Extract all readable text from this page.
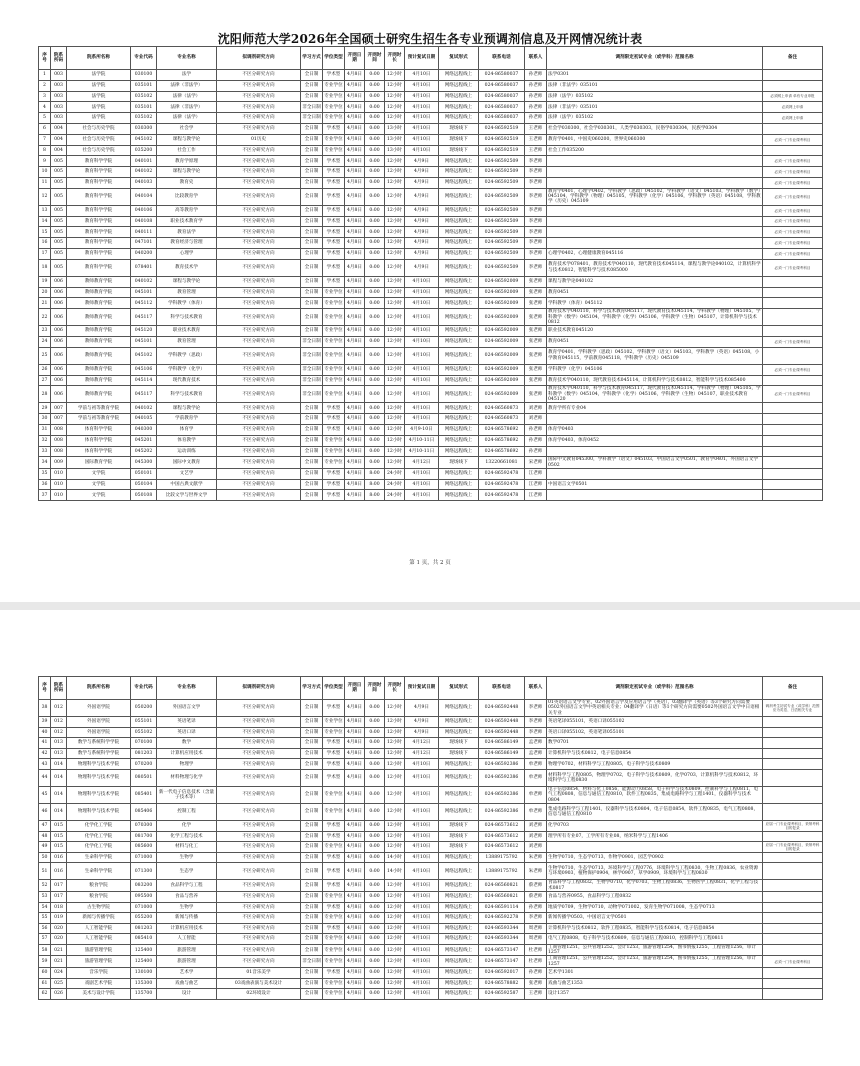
沈阳师范大学2026年全国硕士研究生招生各专业预调剂信息及开网情况统计表
序号	院系所码	院系所名称	专业代码	专业名称	拟调剂研究方向	学习方式	学位类型	开网日期	开网时间	开网时长	预计复试日期	复试形式	联系电话	联系人	调剂限定初试专业（或学科）范围名称	备注
1	003	法学院	030100	法学	不区分研究方向	全日制	学术型	4月8日	0:00	12小时	4月10日	网络远程线上	024-86580037	孙老师	法学0301	
2	003	法学院	035101	法律（非法学）	不区分研究方向	全日制	专业学位	4月8日	0:00	12小时	4月10日	网络远程线上	024-86580037	孙老师	法律（非法学）035101	
3	003	法学院	035102	法律（法学）	不区分研究方向	全日制	专业学位	4月8日	0:00	12小时	4月10日	网络远程线上	024-86580037	孙老师	法律（法学）035102	必须网上申请 单有专业申报
4	003	法学院	035101	法律（非法学）	不区分研究方向	非全日制	专业学位	4月8日	0:00	12小时	4月10日	网络远程线上	024-86580037	孙老师	法律（非法学）035101	必须网上申请
5	003	法学院	035102	法律（法学）	不区分研究方向	非全日制	专业学位	4月8日	0:00	12小时	4月10日	网络远程线上	024-86580037	孙老师	法律（法学）035102	必须网上申请
6	004	社会与历史学院	030300	社会学	不区分研究方向	全日制	学术型	4月8日	0:00	13小时	4月10日	现场线下	024-86592519	王老师	社会学030300，社会学030301，人类学030303，民俗学030304，民族学0304	
7	004	社会与历史学院	045102	课程与教学论	01历史	全日制	专业学位	4月8日	0:00	13小时	4月10日	现场线下	024-86592519	王老师	教育学0401，中国史060200，世界史060300	必须一门专业课考科目
8	004	社会与历史学院	035200	社会工作	不区分研究方向	全日制	专业学位	4月8日	0:00	13小时	4月10日	现场线下	024-86592519	王老师	社会工作035200	
9	005	教育科学学院	040101	教育学原理	不区分研究方向	全日制	学术型	4月8日	0:00	12小时	4月9日	网络远程线上	024-86592509	李老师		必须一门专业课考科目
10	005	教育科学学院	040102	课程与教学论	不区分研究方向	全日制	学术型	4月8日	0:00	12小时	4月9日	网络远程线上	024-86592509	李老师		必须一门专业课考科目
11	005	教育科学学院	040103	教育史	不区分研究方向	全日制	学术型	4月8日	0:00	12小时	4月9日	网络远程线上	024-86592509	李老师		必须一门专业课考科目
12	005	教育科学学院	040104	比较教育学	不区分研究方向	全日制	学术型	4月8日	0:00	12小时	4月9日	网络远程线上	024-86592509	李老师	教育学0401，心理学0402，学科教学（思政）045102，学科教学（语文）045103，学科教学（数学）045104，学科教学（物理）045105，学科教学（化学）045106，学科教学（英语）045108，学科教学（历史）045109	必须一门专业课考科目
13	005	教育科学学院	040106	高等教育学	不区分研究方向	全日制	学术型	4月8日	0:00	12小时	4月9日	网络远程线上	024-86592509	李老师		必须一门专业课考科目
14	005	教育科学学院	040108	职业技术教育学	不区分研究方向	全日制	学术型	4月8日	0:00	12小时	4月9日	网络远程线上	024-86592509	李老师		必须一门专业课考科目
15	005	教育科学学院	040111	教育法学	不区分研究方向	全日制	学术型	4月8日	0:00	12小时	4月9日	网络远程线上	024-86592509	李老师		必须一门专业课考科目
16	005	教育科学学院	047101	教育经济与管理	不区分研究方向	全日制	学术型	4月8日	0:00	12小时	4月9日	网络远程线上	024-86592509	李老师		必须一门专业课考科目
17	005	教育科学学院	040200	心理学	不区分研究方向	全日制	学术型	4月8日	0:00	12小时	4月9日	网络远程线上	024-86592509	李老师	心理学0402，心理健康教育045116	必须一门专业课考科目
18	005	教育科学学院	078401	教育技术学	不区分研究方向	全日制	学术型	4月8日	0:00	12小时	4月9日	网络远程线上	024-86592509	李老师	教育技术学078401，教育技术学040110，现代教育技术045114，课程与教学论040102，计算机科学与技术0812，智能科学与技术085000	必须一门专业课考科目
19	006	教师教育学院	040102	课程与教学论	不区分研究方向	全日制	学术型	4月8日	0:00	12小时	4月10日	网络远程线上	024-86592009	张老师	课程与教学论040102	
20	006	教师教育学院	045101	教育管理	不区分研究方向	全日制	专业学位	4月8日	0:00	12小时	4月10日	网络远程线上	024-86592009	张老师	教育0451	
21	006	教师教育学院	045112	学科教学（体育）	不区分研究方向	全日制	专业学位	4月8日	0:00	12小时	4月10日	网络远程线上	024-86592009	张老师	学科教学（体育）045112	
22	006	教师教育学院	045117	科学与技术教育	不区分研究方向	全日制	专业学位	4月8日	0:00	12小时	4月10日	网络远程线上	024-86592009	张老师	教育技术学040110，科学与技术教育045117，现代教育技术045114，学科教学（物理）045105，学科教学（数学）045104，学科教学（化学）045106，学科教学（生物）045107，计算机科学与技术0812	
23	006	教师教育学院	045120	职业技术教育	不区分研究方向	全日制	专业学位	4月8日	0:00	12小时	4月10日	网络远程线上	024-86592009	张老师	职业技术教育045120	
24	006	教师教育学院	045101	教育管理	不区分研究方向	非全日制	专业学位	4月8日	0:00	12小时	4月10日	网络远程线上	024-86592009	张老师	教育0451	必须一门专业课考科目
25	006	教师教育学院	045102	学科教学（思政）	不区分研究方向	非全日制	专业学位	4月8日	0:00	12小时	4月10日	网络远程线上	024-86592009	张老师	教育学0401，学科教学（思政）045102，学科教学（语文）045103，学科教学（英语）045108，小学教育045115，学前教育045118，学科教学（历史）045109	
26	006	教师教育学院	045106	学科教学（化学）	不区分研究方向	非全日制	专业学位	4月8日	0:00	12小时	4月10日	网络远程线上	024-86592009	张老师	学科教学（化学）045106	必须一门专业课考科目
27	006	教师教育学院	045114	现代教育技术	不区分研究方向	非全日制	专业学位	4月8日	0:00	12小时	4月10日	网络远程线上	024-86592009	张老师	教育技术学040110，现代教育技术045114，计算机科学与技术0812，智能科学与技术085400	
28	006	教师教育学院	045117	科学与技术教育	不区分研究方向	非全日制	专业学位	4月8日	0:00	12小时	4月10日	网络远程线上	024-86592009	张老师	教育技术学040110，科学与技术教育045117，现代教育技术045114，学科教学（物理）045105，学科教学（数学）045104，学科教学（化学）045106，学科教学（生物）045107，职业技术教育045120	必须一门专业课考科目
29	007	学前与初等教育学院	040102	课程与教学论	不区分研究方向	全日制	学术型	4月8日	0:00	12小时	4月10日	网络远程线上	024-86560873	刘老师	教育学所有专业04	
30	007	学前与初等教育学院	040105	学前教育学	不区分研究方向	全日制	学术型	4月8日	0:00	12小时	4月10日	网络远程线上	024-86560873	刘老师		
31	008	体育科学学院	040300	体育学	不区分研究方向	全日制	学术型	4月8日	0:00	12小时	4月9-10日	网络远程线上	024-86578692	孙老师	体育学0403	
32	008	体育科学学院	045201	体育教学	不区分研究方向	全日制	专业学位	4月8日	0:00	12小时	4月10-11日	网络远程线上	024-86578692	孙老师	体育学0403，体育0452	
33	008	体育科学学院	045202	运动训练	不区分研究方向	全日制	专业学位	4月8日	0:00	12小时	4月10-11日	网络远程线上	024-86578692	孙老师		
34	009	国际教育学院	045300	国际中文教育	不区分研究方向	全日制	专业学位	4月8日	0:00	12小时	4月12日	现场线下	13220661081	宋老师	国际中文教育045300，学科教学（语文）045103，中国语言文学0501，教育学0401，外国语言文学0502	
35	010	文学院	050101	文艺学	不区分研究方向	全日制	学术型	4月8日	8:00	24小时	4月10日	网络远程线上	024-86592478	江老师		
36	010	文学院	050104	中国古典文献学	不区分研究方向	全日制	学术型	4月8日	8:00	24小时	4月10日	网络远程线上	024-86592478	江老师	中国语言文学0501	
37	010	文学院	050108	比较文学与世界文学	不区分研究方向	全日制	学术型	4月8日	8:00	24小时	4月10日	网络远程线上	024-86592478	江老师		
第 1 页，共 2 页
序号	院系所码	院系所名称	专业代码	专业名称	拟调剂研究方向	学习方式	学位类型	开网日期	开网时间	开网时长	预计复试日期	复试形式	联系电话	联系人	调剂限定初试专业（或学科）范围名称	备注
38	012	外国语学院	050200	外国语言文学	不区分研究方向	全日制	学术型	4月8日	0:00	12小时	4月9日	网络远程线上	024-86592448	李老师	01英语语言文学专业，02外国语言学及应用语言学（英语），03翻译学（英语）等3个研究方向需要0502外国语言文学中英语相关专业；04翻译学（日语）等1个研究方向需要0502外国语言文学中日语相关专业	调剂考生初试专业（或学科）范围应为英语、日语相关专业
39	012	外国语学院	055101	英语笔译	不区分研究方向	全日制	专业学位	4月8日	0:00	12小时	4月9日	网络远程线上	024-86592448	李老师	英语笔译055101，英语口译055102	
40	012	外国语学院	055102	英语口译	不区分研究方向	全日制	专业学位	4月8日	0:00	12小时	4月9日	网络远程线上	024-86592448	李老师	英语口译055102，英语笔译055101	
41	013	数学与系统科学学院	070100	数学	不区分研究方向	全日制	学术型	4月8日	0:00	12小时	4月12日	现场线下	024-86586149	孟老师	数学0701	
42	013	数学与系统科学学院	081203	计算机应用技术	不区分研究方向	全日制	学术型	4月8日	0:00	12小时	4月12日	现场线下	024-86586149	孟老师	计算机科学与技术0812，电子信息0854	
43	014	物理科学与技术学院	070200	物理学	不区分研究方向	全日制	学术型	4月8日	0:00	12小时	4月10日	网络远程线上	024-86592386	单老师	物理学0702，材料科学与工程0805，电子科学与技术0809	
44	014	物理科学与技术学院	080501	材料物理与化学	不区分研究方向	全日制	学术型	4月8日	0:00	12小时	4月10日	网络远程线上	024-86592386	单老师	材料科学与工程0805，物理学0702，电子科学与技术0809，化学0703，计算机科学与技术0812，环境科学与工程0830	
45	014	物理科学与技术学院	085401	新一代电子信息技术（含量子技术等）	不区分研究方向	全日制	专业学位	4月8日	0:00	12小时	4月10日	网络远程线上	024-86592386	单老师	电子信息0854，材料与化工0856，能源动力0858，电子科学与技术0809，控制科学与工程0811，电气工程0808，信息与通信工程0810，软件工程0835，集成电路科学与工程1401，仪器科学与技术0804	
46	014	物理科学与技术学院	085406	控制工程	不区分研究方向	全日制	专业学位	4月8日	0:00	12小时	4月10日	网络远程线上	024-86592386	单老师	集成电路科学与工程1401，仪器科学与技术0804，电子信息0854，软件工程0835，电气工程0808，信息与通信工程0810	
47	015	化学化工学院	070300	化学	不区分研究方向	全日制	学术型	4月8日	0:00	12小时	4月10日	现场线下	024-86573612	刘老师	化学0703	应届一门专业课考科目，采纳考科目的复录
48	015	化学化工学院	081700	化学工程与技术	不区分研究方向	全日制	学术型	4月8日	0:00	12小时	4月10日	现场线下	024-86573612	刘老师	理学所有专业07，工学所有专业08，纳米科学与工程1406	
49	015	化学化工学院	085600	材料与化工	不区分研究方向	全日制	专业学位	4月8日	0:00	12小时	4月10日	现场线下	024-86573612	刘老师		应届一门专业课考科目，采纳考科目的复录
50	016	生命科学学院	071000	生物学	不区分研究方向	全日制	学术型	4月8日	0:00	14小时	4月10日	网络远程线上	13889175792	朱老师	生物学0710，生态学0713，作物学0901，园艺学0902	
51	016	生命科学学院	071300	生态学	不区分研究方向	全日制	学术型	4月8日	0:00	14小时	4月10日	网络远程线上	13889175792	朱老师	生物学0710，生态学0713，环境科学与工程0776，环境科学与工程0830，生物工程0836，农业资源与环境0903，植物保护0904，林学0907，草学0909，环境科学与工程0830	
52	017	粮食学院	083200	食品科学与工程	不区分研究方向	全日制	学术型	4月8日	0:00	12小时	4月10日	网络远程线上	024-86560821	蔡老师	食品科学与工程0832，生物学0710，化学0703，生物工程0836，生物医学工程0831，化学工程与技术0817	
53	017	粮食学院	095500	食品与营养	不区分研究方向	全日制	专业学位	4月8日	0:00	12小时	4月10日	网络远程线上	024-86560821	蔡老师	食品与营养0955，食品科学与工程0832	
54	018	古生物学院	071000	生物学	不区分研究方向	全日制	学术型	4月8日	0:00	12小时	4月10日	网络远程线上	024-86591114	孙老师	地质学0709，生物学0710，动物学071002，发育生物学071008，生态学0713	
55	019	新闻与传播学院	055200	新闻与传播	不区分研究方向	全日制	专业学位	4月8日	0:00	12小时	4月10日	网络远程线上	024-86592278	李老师	新闻传播学0503，中国语言文学0501	
56	020	人工智能学院	081203	计算机应用技术	不区分研究方向	全日制	学术型	4月8日	0:00	12小时	4月10日	网络远程线上	024-86593344	周老师	计算机科学与技术0812，软件工程0835，智能科学与技术0814，电子信息0854	
57	020	人工智能学院	085410	人工智能	不区分研究方向	全日制	专业学位	4月8日	0:00	12小时	4月10日	网络远程线上	024-86593344	周老师	电气工程0808，电子科学与技术0809，信息与通信工程0810，控制科学与工程0811	
58	021	旅游管理学院	125400	旅游管理	不区分研究方向	全日制	专业学位	4月8日	0:00	12小时	4月10日	网络远程线上	024-86573147	杜老师	工商管理1251，公共管理1252，会计1253，旅游管理1254，图书情报1255，工程管理1256，审计1257	
59	021	旅游管理学院	125400	旅游管理	不区分研究方向	非全日制	专业学位	4月8日	0:00	12小时	4月10日	网络远程线上	024-86573147	杜老师	工商管理1251，公共管理1252，会计1253，旅游管理1254，图书情报1255，工程管理1256，审计1257	必须一门专业课考科目
60	024	音乐学院	130100	艺术学	01音乐美学	全日制	学术型	4月8日	0:00	12小时	4月10日	网络远程线上	024-86592017	孙老师	艺术学1301	
61	025	戏剧艺术学院	135300	戏曲与曲艺	03戏曲表演与美术设计	全日制	专业学位	4月8日	0:00	12小时	4月10日	网络远程线上	024-86578882	张老师	戏曲与曲艺1353	
62	026	美术与设计学院	135700	设计	02环境设计	全日制	专业学位	4月8日	0:00	12小时	4月10日	网络远程线上	024-86592587	王老师	设计1357	
